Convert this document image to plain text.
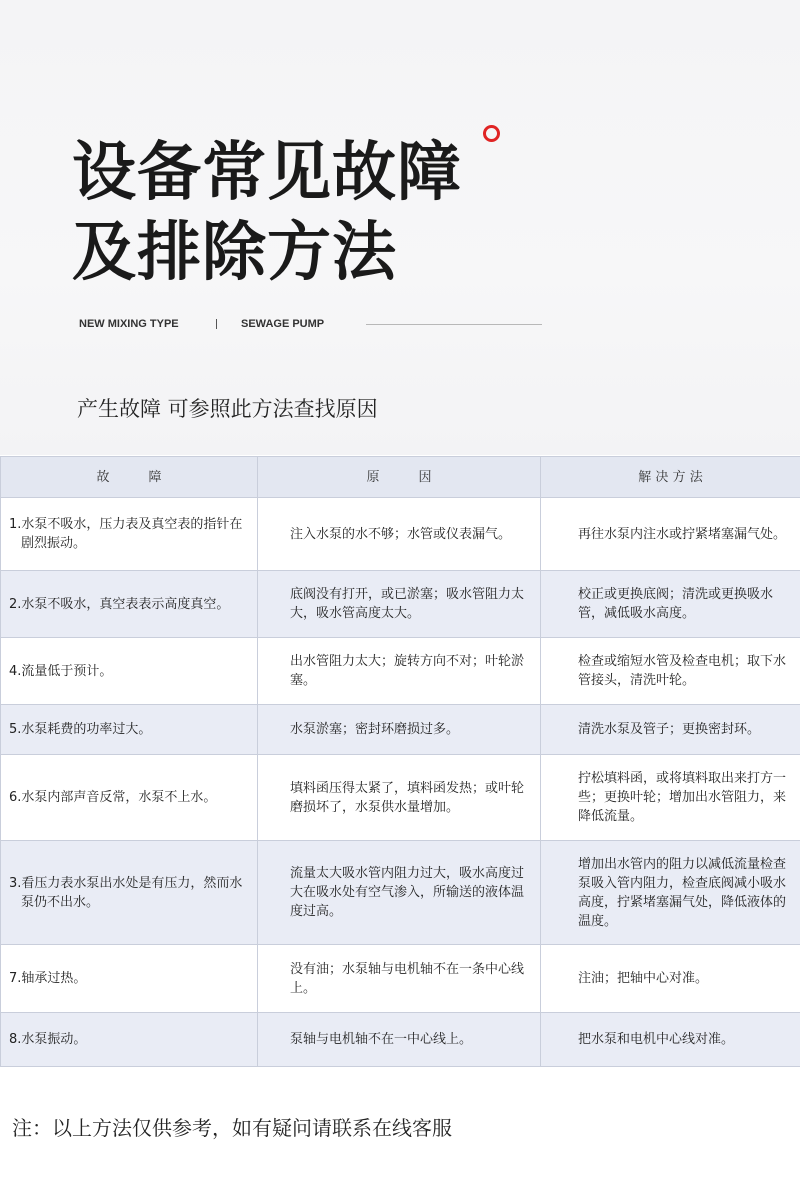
设备常见故障
及排除方法
NEW MIXING TYPE	SEWAGE PUMP
产生故障 可参照此方法查找原因
故　　　障	原　　　因	解 决 方 法

1.水泵不吸水，压力表及真空表的指针在剧烈振动。	注入水泵的水不够；水管或仪表漏气。	再往水泵内注水或拧紧堵塞漏气处。

2.水泵不吸水，真空表表示高度真空。	底阀没有打开，或已淤塞；吸水管阻力太大，吸水管高度太大。	校正或更换底阀；清洗或更换吸水管，减低吸水高度。

4.流量低于预计。	出水管阻力太大；旋转方向不对；叶轮淤塞。	检查或缩短水管及检查电机；取下水管接头，清洗叶轮。

5.水泵耗费的功率过大。	水泵淤塞；密封环磨损过多。	清洗水泵及管子；更换密封环。

6.水泵内部声音反常，水泵不上水。	填料函压得太紧了，填料函发热；或叶轮磨损坏了，水泵供水量增加。	拧松填料函，或将填料取出来打方一些；更换叶轮；增加出水管阻力，来降低流量。

3.看压力表水泵出水处是有压力，然而水泵仍不出水。	流量太大吸水管内阻力过大，吸水高度过大在吸水处有空气渗入，所输送的液体温度过高。	增加出水管内的阻力以减低流量检查泵吸入管内阻力，检查底阀减小吸水高度，拧紧堵塞漏气处，降低液体的温度。

7.轴承过热。	没有油；水泵轴与电机轴不在一条中心线上。	注油；把轴中心对准。

8.水泵振动。	泵轴与电机轴不在一中心线上。	把水泵和电机中心线对准。
注：以上方法仅供参考，如有疑问请联系在线客服
